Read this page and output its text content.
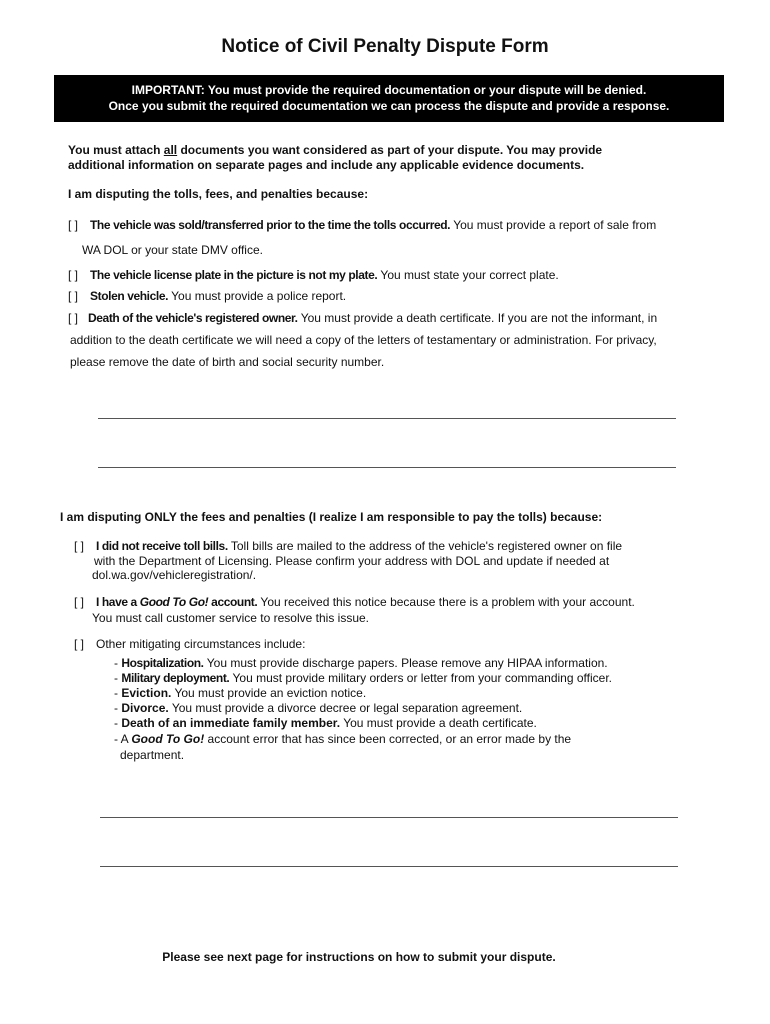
Notice of Civil Penalty Dispute Form
IMPORTANT: You must provide the required documentation or your dispute will be denied.
Once you submit the required documentation we can process the dispute and provide a response.
You must attach all documents you want considered as part of your dispute. You may provide
additional information on separate pages and include any applicable evidence documents.
I am disputing the tolls, fees, and penalties because:
[ ] The vehicle was sold/transferred prior to the time the tolls occurred. You must provide a report of sale from
WA DOL or your state DMV office.
[ ] The vehicle license plate in the picture is not my plate. You must state your correct plate.
[ ] Stolen vehicle. You must provide a police report.
[ ] Death of the vehicle's registered owner. You must provide a death certificate. If you are not the informant, in
addition to the death certificate we will need a copy of the letters of testamentary or administration. For privacy,
please remove the date of birth and social security number.
I am disputing ONLY the fees and penalties (I realize I am responsible to pay the tolls) because:
[ ] I did not receive toll bills. Toll bills are mailed to the address of the vehicle's registered owner on file
with the Department of Licensing. Please confirm your address with DOL and update if needed at
dol.wa.gov/vehicleregistration/.
[ ] I have a Good To Go! account. You received this notice because there is a problem with your account.
You must call customer service to resolve this issue.
[ ] Other mitigating circumstances include:
- Hospitalization. You must provide discharge papers. Please remove any HIPAA information.
- Military deployment. You must provide military orders or letter from your commanding officer.
- Eviction. You must provide an eviction notice.
- Divorce. You must provide a divorce decree or legal separation agreement.
- Death of an immediate family member. You must provide a death certificate.
- A Good To Go! account error that has since been corrected, or an error made by the
department.
Please see next page for instructions on how to submit your dispute.
